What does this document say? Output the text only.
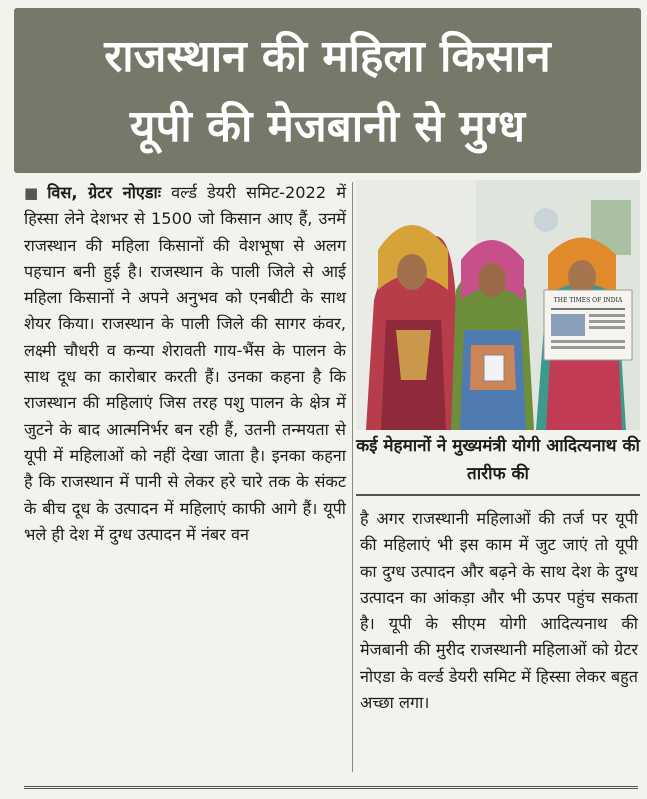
राजस्थान की महिला किसान
यूपी की मेजबानी से मुग्ध
■ विस, ग्रेटर नोएडाः वर्ल्ड डेयरी समिट-2022 में हिस्सा लेने देशभर से 1500 जो किसान आए हैं, उनमें राजस्थान की महिला किसानों की वेशभूषा से अलग पहचान बनी हुई है। राजस्थान के पाली जिले से आई महिला किसानों ने अपने अनुभव को एनबीटी के साथ शेयर किया। राजस्थान के पाली जिले की सागर कंवर, लक्ष्मी चौधरी व कन्या शेरावती गाय-भैंस के पालन के साथ दूध का कारोबार करती हैं। उनका कहना है कि राजस्थान की महिलाएं जिस तरह पशु पालन के क्षेत्र में जुटने के बाद आत्मनिर्भर बन रही हैं, उतनी तन्मयता से यूपी में महिलाओं को नहीं देखा जाता है। इनका कहना है कि राजस्थान में पानी से लेकर हरे चारे तक के संकट के बीच दूध के उत्पादन में महिलाएं काफी आगे हैं। यूपी भले ही देश में दुग्ध उत्पादन में नंबर वन
THE TIMES OF INDIA
कई मेहमानों ने मुख्यमंत्री योगी आदित्यनाथ की तारीफ की
है अगर राजस्थानी महिलाओं की तर्ज पर यूपी की महिलाएं भी इस काम में जुट जाएं तो यूपी का दुग्ध उत्पादन और बढ़ने के साथ देश के दुग्ध उत्पादन का आंकड़ा और भी ऊपर पहुंच सकता है। यूपी के सीएम योगी आदित्यनाथ की मेजबानी की मुरीद राजस्थानी महिलाओं को ग्रेटर नोएडा के वर्ल्ड डेयरी समिट में हिस्सा लेकर बहुत अच्छा लगा।
